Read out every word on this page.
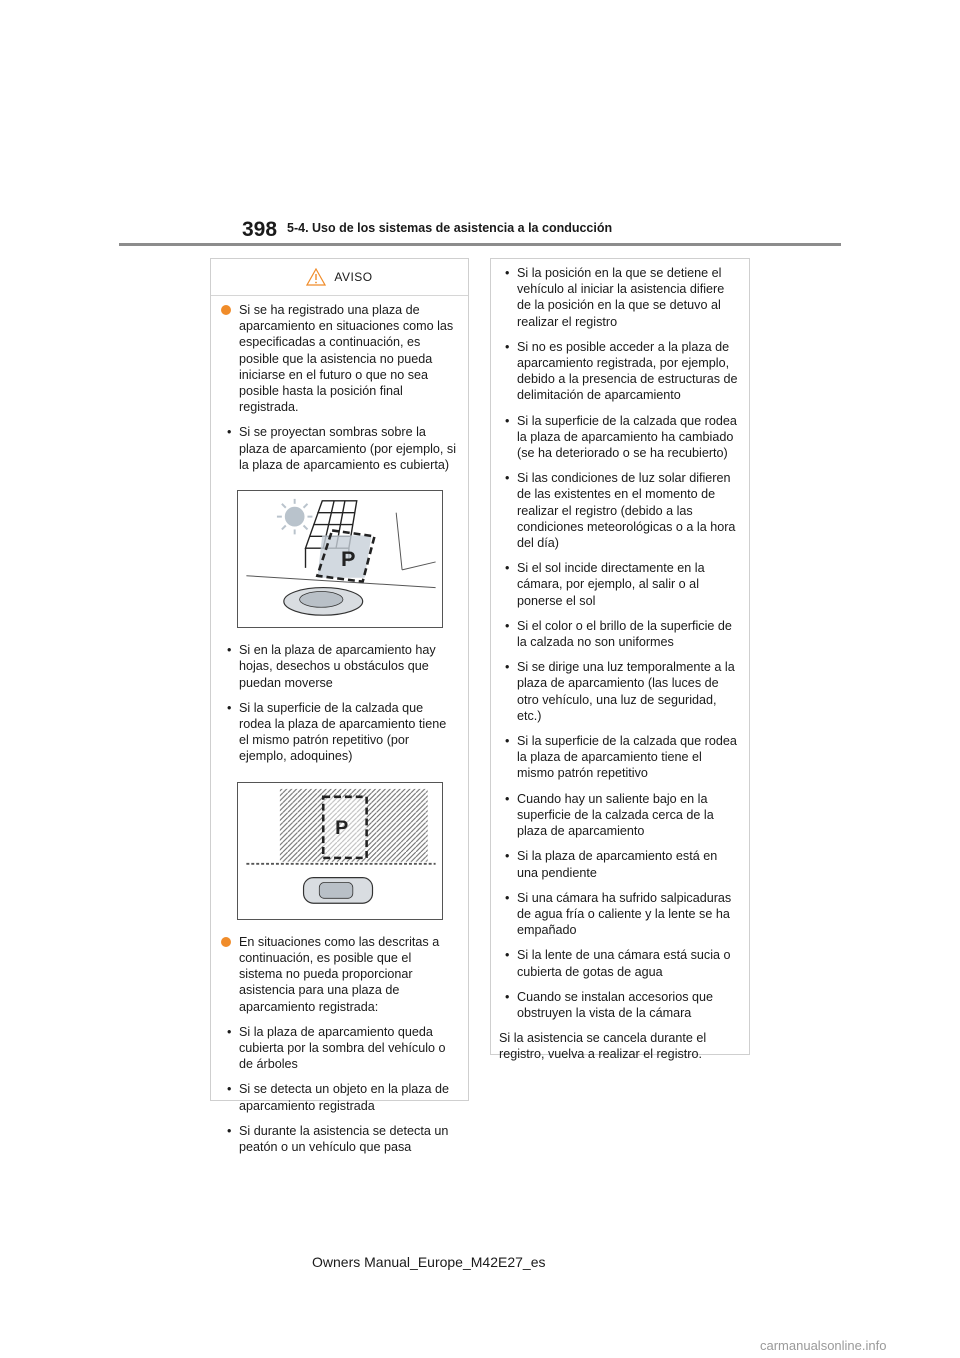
398 5-4. Uso de los sistemas de asistencia a la conducción
AVISO
Si se ha registrado una plaza de aparcamiento en situaciones como las especificadas a continuación, es posible que la asistencia no pueda iniciarse en el futuro o que no sea posible hasta la posición final registrada.
• Si se proyectan sombras sobre la plaza de aparcamiento (por ejemplo, si la plaza de aparcamiento es cubierta)
P
• Si en la plaza de aparcamiento hay hojas, desechos u obstáculos que puedan moverse
• Si la superficie de la calzada que rodea la plaza de aparcamiento tiene el mismo patrón repetitivo (por ejemplo, adoquines)
P
En situaciones como las descritas a continuación, es posible que el sistema no pueda proporcionar asistencia para una plaza de aparcamiento registrada:
• Si la plaza de aparcamiento queda cubierta por la sombra del vehículo o de árboles
• Si se detecta un objeto en la plaza de aparcamiento registrada
• Si durante la asistencia se detecta un peatón o un vehículo que pasa
• Si la posición en la que se detiene el vehículo al iniciar la asistencia difiere de la posición en la que se detuvo al realizar el registro
• Si no es posible acceder a la plaza de aparcamiento registrada, por ejemplo, debido a la presencia de estructuras de delimitación de aparcamiento
• Si la superficie de la calzada que rodea la plaza de aparcamiento ha cambiado (se ha deteriorado o se ha recubierto)
• Si las condiciones de luz solar difieren de las existentes en el momento de realizar el registro (debido a las condiciones meteorológicas o a la hora del día)
• Si el sol incide directamente en la cámara, por ejemplo, al salir o al ponerse el sol
• Si el color o el brillo de la superficie de la calzada no son uniformes
• Si se dirige una luz temporalmente a la plaza de aparcamiento (las luces de otro vehículo, una luz de seguridad, etc.)
• Si la superficie de la calzada que rodea la plaza de aparcamiento tiene el mismo patrón repetitivo
• Cuando hay un saliente bajo en la superficie de la calzada cerca de la plaza de aparcamiento
• Si la plaza de aparcamiento está en una pendiente
• Si una cámara ha sufrido salpicaduras de agua fría o caliente y la lente se ha empañado
• Si la lente de una cámara está sucia o cubierta de gotas de agua
• Cuando se instalan accesorios que obstruyen la vista de la cámara
Si la asistencia se cancela durante el registro, vuelva a realizar el registro.
Owners Manual_Europe_M42E27_es
carmanualsonline.info
